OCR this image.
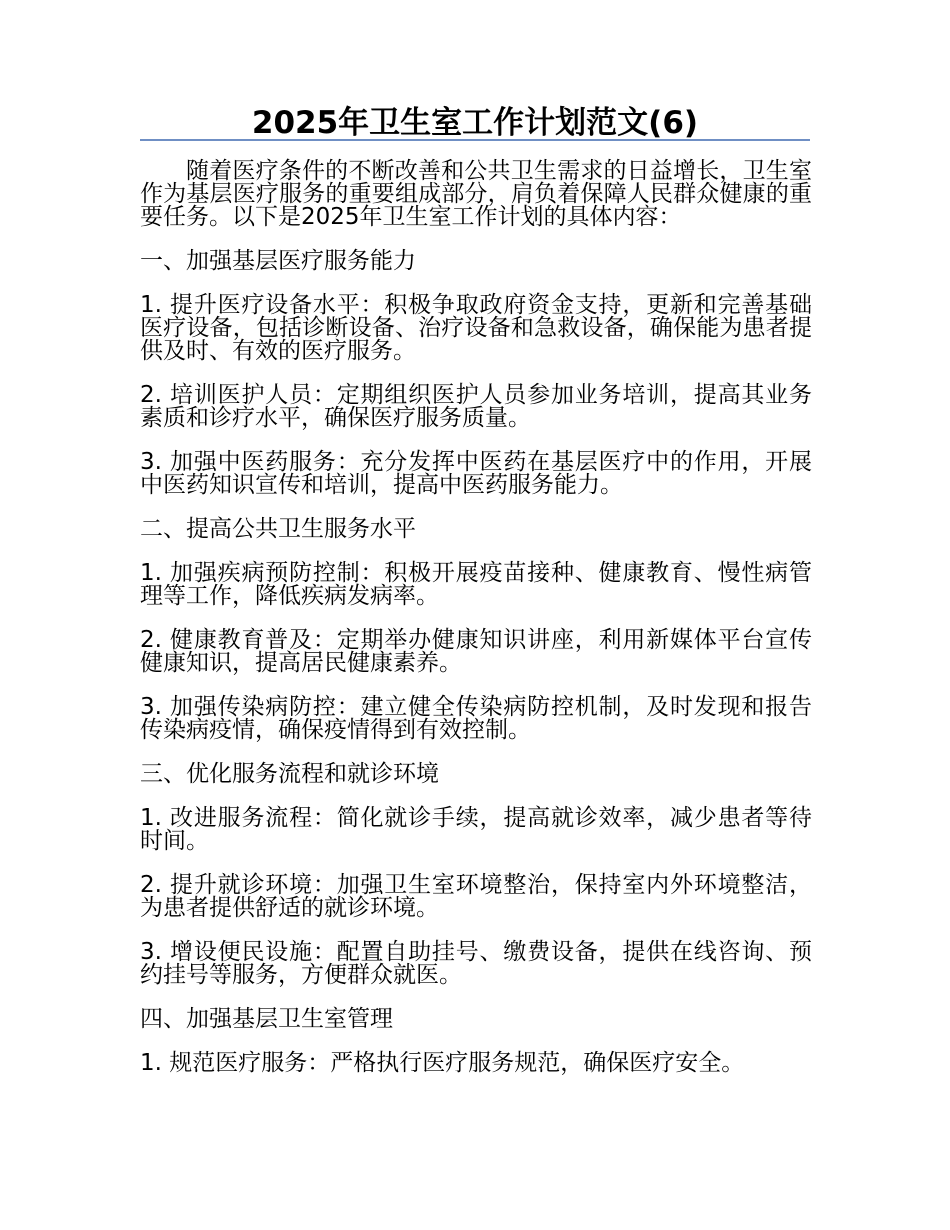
2025年卫生室工作计划范文(6)

随着医疗条件的不断改善和公共卫生需求的日益增长，卫生室作为基层医疗服务的重要组成部分，肩负着保障人民群众健康的重要任务。以下是2025年卫生室工作计划的具体内容：

一、加强基层医疗服务能力

1. 提升医疗设备水平：积极争取政府资金支持，更新和完善基础医疗设备，包括诊断设备、治疗设备和急救设备，确保能为患者提供及时、有效的医疗服务。

2. 培训医护人员：定期组织医护人员参加业务培训，提高其业务素质和诊疗水平，确保医疗服务质量。

3. 加强中医药服务：充分发挥中医药在基层医疗中的作用，开展中医药知识宣传和培训，提高中医药服务能力。

二、提高公共卫生服务水平

1. 加强疾病预防控制：积极开展疫苗接种、健康教育、慢性病管理等工作，降低疾病发病率。

2. 健康教育普及：定期举办健康知识讲座，利用新媒体平台宣传健康知识，提高居民健康素养。

3. 加强传染病防控：建立健全传染病防控机制，及时发现和报告传染病疫情，确保疫情得到有效控制。

三、优化服务流程和就诊环境

1. 改进服务流程：简化就诊手续，提高就诊效率，减少患者等待时间。

2. 提升就诊环境：加强卫生室环境整治，保持室内外环境整洁，为患者提供舒适的就诊环境。

3. 增设便民设施：配置自助挂号、缴费设备，提供在线咨询、预约挂号等服务，方便群众就医。

四、加强基层卫生室管理

1. 规范医疗服务：严格执行医疗服务规范，确保医疗安全。
